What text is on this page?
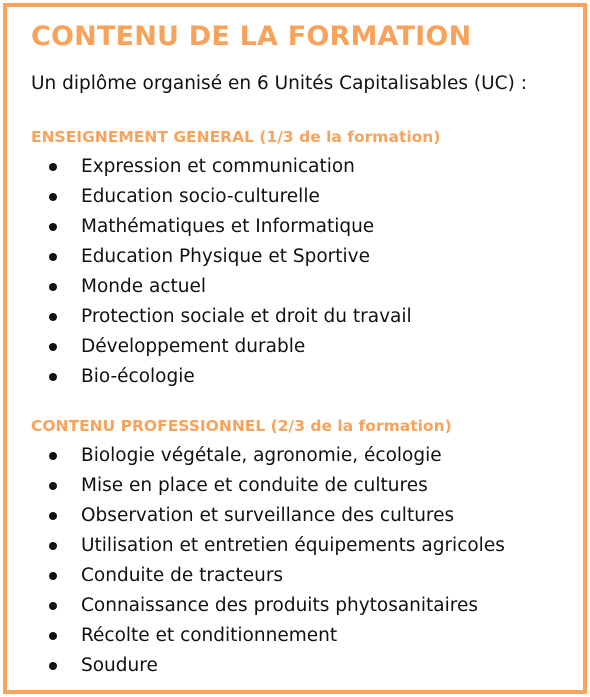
CONTENU DE LA FORMATION
Un diplôme organisé en 6 Unités Capitalisables (UC) :
ENSEIGNEMENT GENERAL (1/3 de la formation)
Expression et communication
Education socio-culturelle
Mathématiques et Informatique
Education Physique et Sportive
Monde actuel
Protection sociale et droit du travail
Développement durable
Bio-écologie
CONTENU PROFESSIONNEL (2/3 de la formation)
Biologie végétale, agronomie, écologie
Mise en place et conduite de cultures
Observation et surveillance des cultures
Utilisation et entretien équipements agricoles
Conduite de tracteurs
Connaissance des produits phytosanitaires
Récolte et conditionnement
Soudure
